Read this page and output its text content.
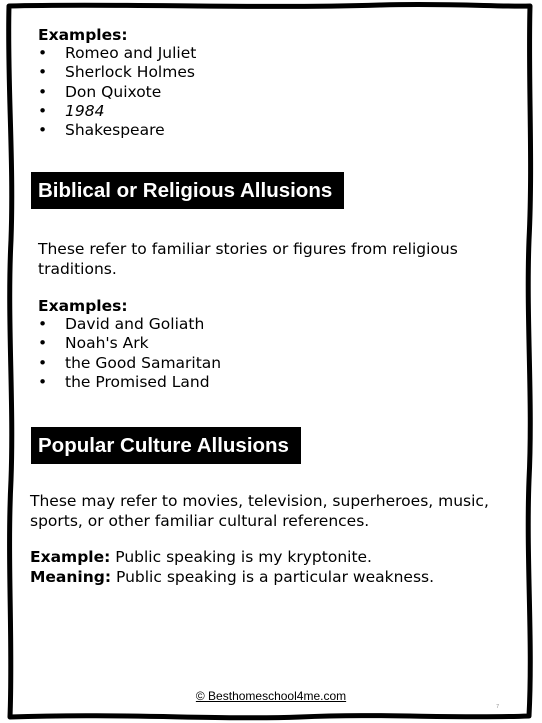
Examples:
• Romeo and Juliet
• Sherlock Holmes
• Don Quixote
• 1984
• Shakespeare
Biblical or Religious Allusions
These refer to familiar stories or figures from religious traditions.
Examples:
• David and Goliath
• Noah's Ark
• the Good Samaritan
• the Promised Land
Popular Culture Allusions
These may refer to movies, television, superheroes, music, sports, or other familiar cultural references.
Example: Public speaking is my kryptonite.
Meaning: Public speaking is a particular weakness.
© Besthomeschool4me.com
7
